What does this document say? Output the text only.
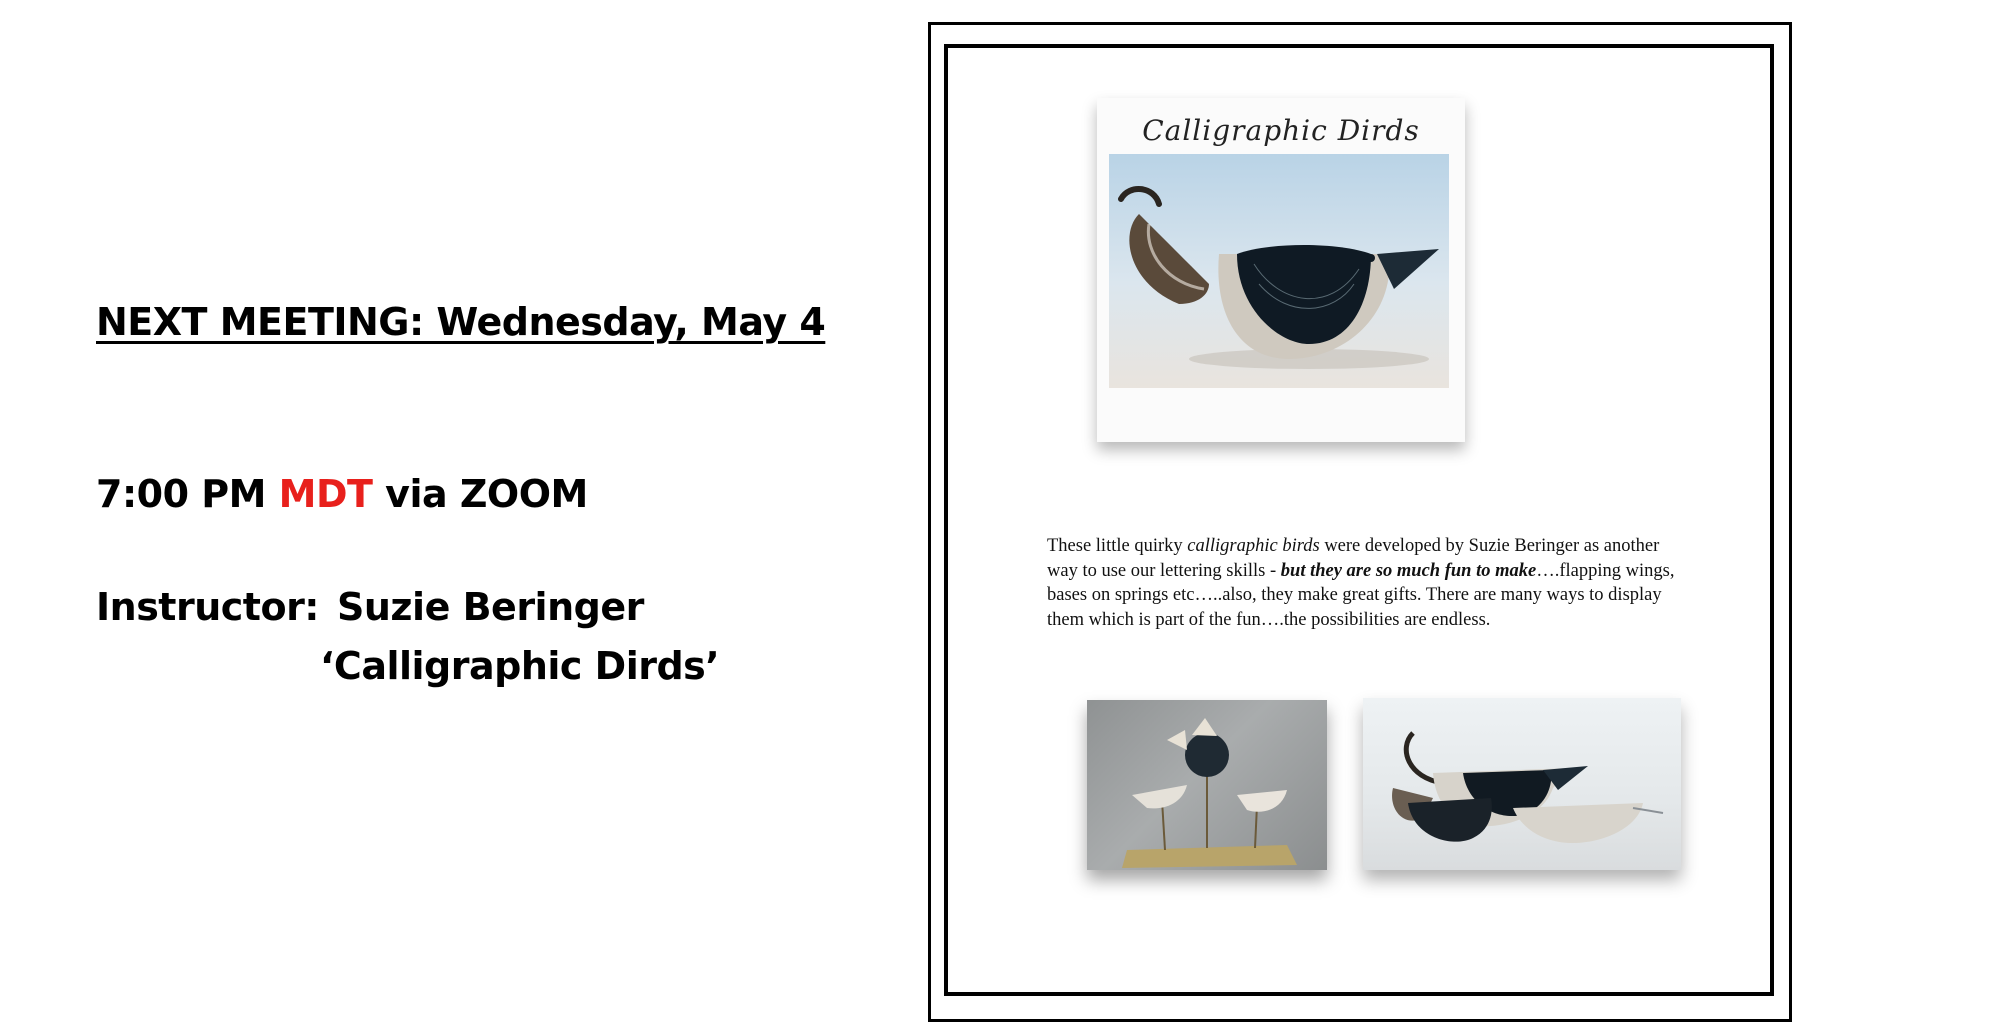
NEXT MEETING: Wednesday, May 4
7:00 PM MDT via ZOOM
Instructor: Suzie Beringer
‘Calligraphic Dirds’
Calligraphic Dirds

These little quirky calligraphic birds were developed by Suzie Beringer as another way to use our lettering skills - but they are so much fun to make….flapping wings, bases on springs etc…..also, they make great gifts. There are many ways to display them which is part of the fun….the possibilities are endless.
